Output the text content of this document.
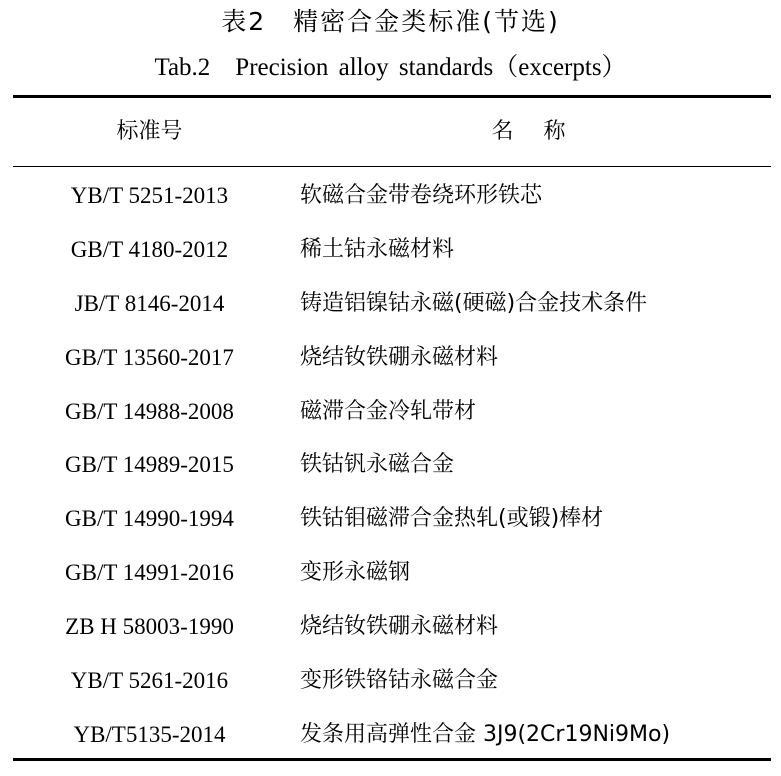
表2　精密合金类标准(节选)
Tab.2　Precision alloy standards（excerpts）
标准号	名称
YB/T 5251-2013	软磁合金带卷绕环形铁芯
GB/T 4180-2012	稀土钴永磁材料
JB/T 8146-2014	铸造铝镍钴永磁(硬磁)合金技术条件
GB/T 13560-2017	烧结钕铁硼永磁材料
GB/T 14988-2008	磁滞合金冷轧带材
GB/T 14989-2015	铁钴钒永磁合金
GB/T 14990-1994	铁钴钼磁滞合金热轧(或锻)棒材
GB/T 14991-2016	变形永磁钢
ZB H 58003-1990	烧结钕铁硼永磁材料
YB/T 5261-2016	变形铁铬钴永磁合金
YB/T5135-2014	发条用高弹性合金 3J9(2Cr19Ni9Mo)
